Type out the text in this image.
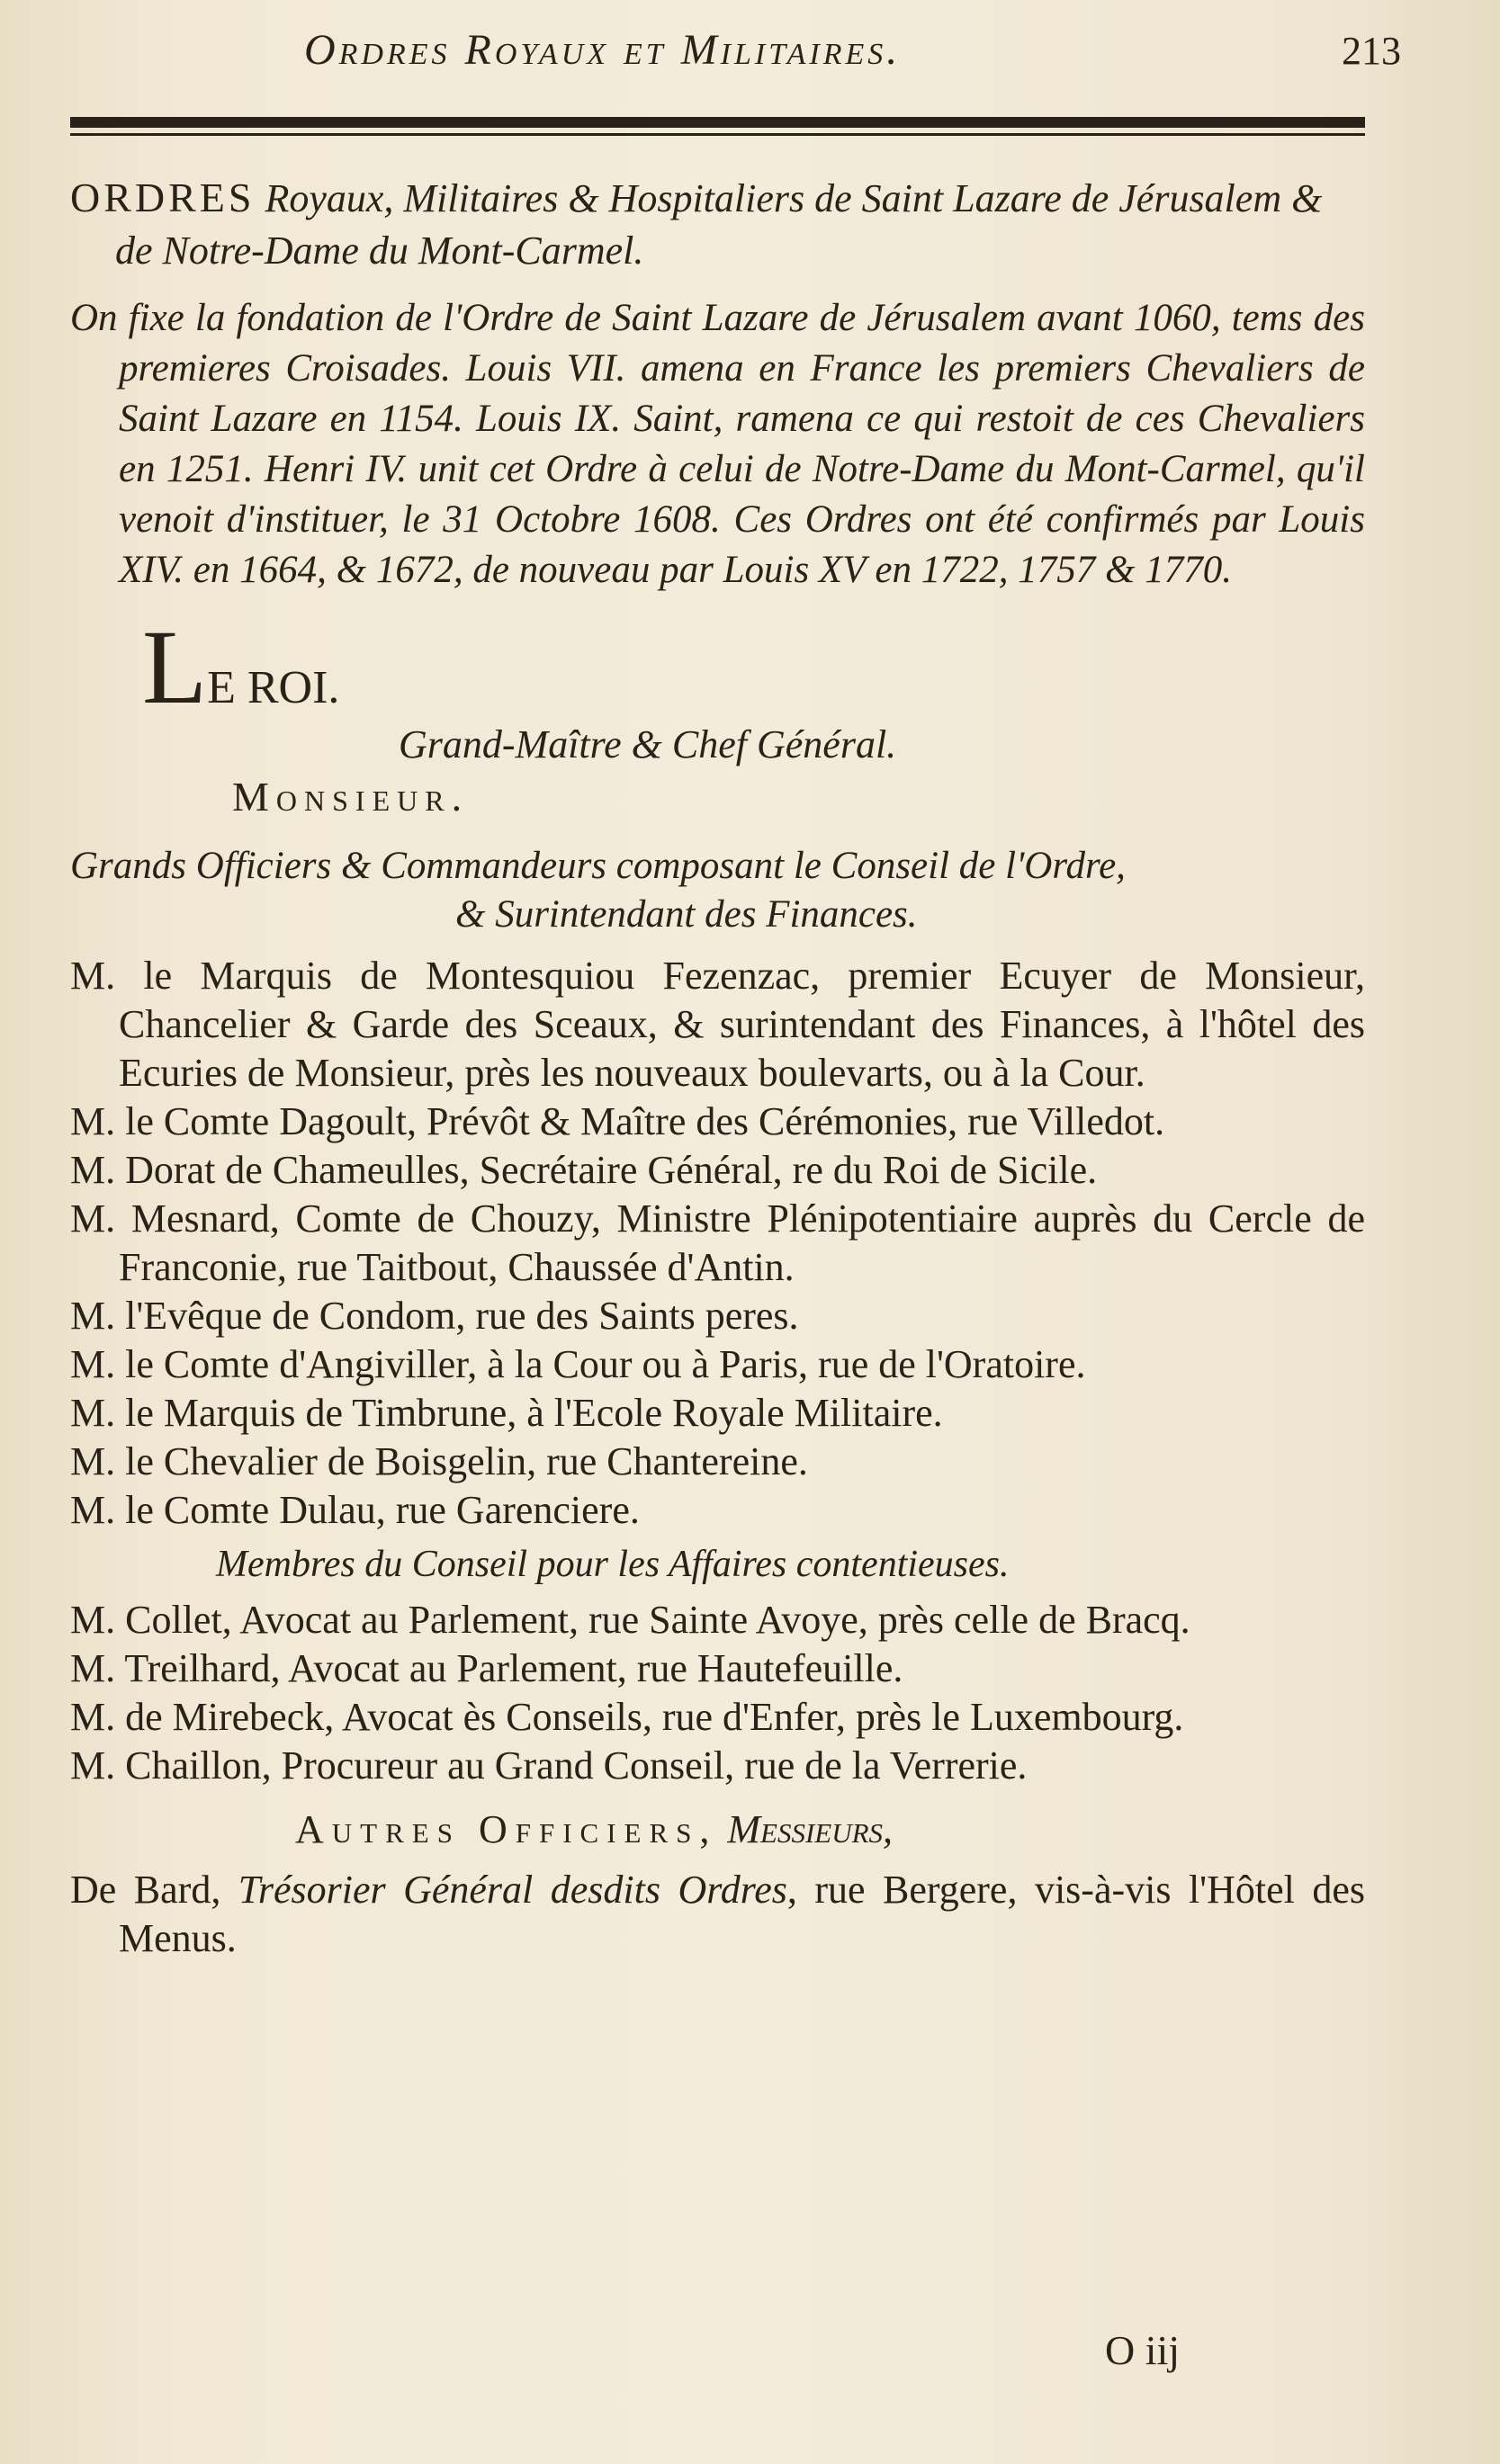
Ordres Royaux et Militaires.	213

ORDRES Royaux, Militaires & Hospitaliers de Saint Lazare de Jérusalem & de Notre-Dame du Mont-Carmel.

On fixe la fondation de l'Ordre de Saint Lazare de Jérusalem avant 1060, tems des premieres Croisades. Louis VII. amena en France les premiers Chevaliers de Saint Lazare en 1154. Louis IX. Saint, ramena ce qui restoit de ces Chevaliers en 1251. Henri IV. unit cet Ordre à celui de Notre-Dame du Mont-Carmel, qu'il venoit d'instituer, le 31 Octobre 1608. Ces Ordres ont été confirmés par Louis XIV. en 1664, & 1672, de nouveau par Louis XV en 1722, 1757 & 1770.

LE ROI.
Grand-Maître & Chef Général.
Monsieur.
Grands Officiers & Commandeurs composant le Conseil de l'Ordre,
& Surintendant des Finances.
M. le Marquis de Montesquiou Fezenzac, premier Ecuyer de Monsieur, Chancelier & Garde des Sceaux, & surintendant des Finances, à l'hôtel des Ecuries de Monsieur, près les nouveaux boulevarts, ou à la Cour.
M. le Comte Dagoult, Prévôt & Maître des Cérémonies, rue Villedot.
M. Dorat de Chameulles, Secrétaire Général, re du Roi de Sicile.
M. Mesnard, Comte de Chouzy, Ministre Plénipotentiaire auprès du Cercle de Franconie, rue Taitbout, Chaussée d'Antin.
M. l'Evêque de Condom, rue des Saints peres.
M. le Comte d'Angiviller, à la Cour ou à Paris, rue de l'Oratoire.
M. le Marquis de Timbrune, à l'Ecole Royale Militaire.
M. le Chevalier de Boisgelin, rue Chantereine.
M. le Comte Dulau, rue Garenciere.
Membres du Conseil pour les Affaires contentieuses.
M. Collet, Avocat au Parlement, rue Sainte Avoye, près celle de Bracq.
M. Treilhard, Avocat au Parlement, rue Hautefeuille.
M. de Mirebeck, Avocat ès Conseils, rue d'Enfer, près le Luxembourg.
M. Chaillon, Procureur au Grand Conseil, rue de la Verrerie.
Autres Officiers, Messieurs,

De Bard, Trésorier Général desdits Ordres, rue Bergere, vis-à-vis l'Hôtel des Menus.

O iij
